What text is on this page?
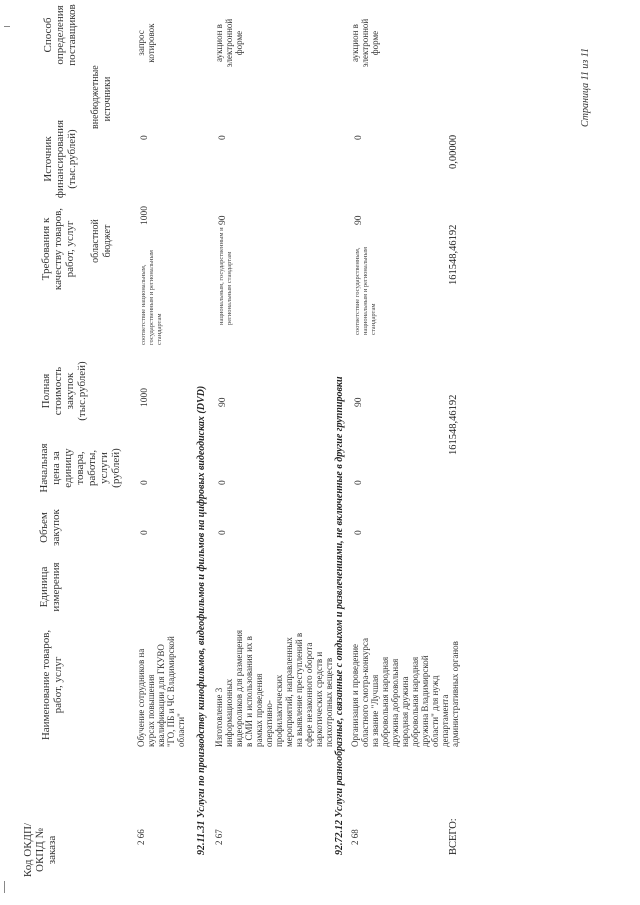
Код ОКДП/ ОКПД № заказа
Наименование товаров, работ, услуг
Единица измерения
Объем закупок
Начальная цена за единицу товара, работы, услуги (рублей)
Полная стоимость закупок (тыс.рублей)
Требования к качеству товаров, работ, услуг
Источник финансирования (тыс.рублей)
областной бюджет
внебюджетные источники
Способ определения поставщиков
2 66
Обучение сотрудников на курсах повышения квалификации для ГКУВО "ГО, ПБ и ЧС Владимирской области"
0
0
1000
соответствие национальным, государственным и региональным стандартам
1000
0
запрос котировок
92.11.31 Услуги по производству кинофильмов, видеофильмов и фильмов на цифровых видеодисках (DVD) 2 67
Изготовление 3 информационных видеороликов для размещения в СМИ и использования их в рамках проведения оперативно-профилактических мероприятий, направленных на выявление преступлений в сфере незаконного оборота наркотических средств и психотропных веществ
0
0
90
национальным, государственным и региональным стандартам
90
0
аукцион в электронной форме
92.72.12 Услуги разнообразные, связанные с отдыхом и развлечениями, не включенные в другие группировки 2 68
Организация и проведение областного смотра-конкурса на звание "Лучшая добровольная народная дружина добровольная народная дружина добровольная народная дружина Владимирской области" для нужд департамента административных органов
0
0
90
соответствие государственным, национальным и региональным стандартам
90
0
аукцион в электронной форме
ВСЕГО:
161548,46192
161548,46192
0,00000
Страница 11 из 11
